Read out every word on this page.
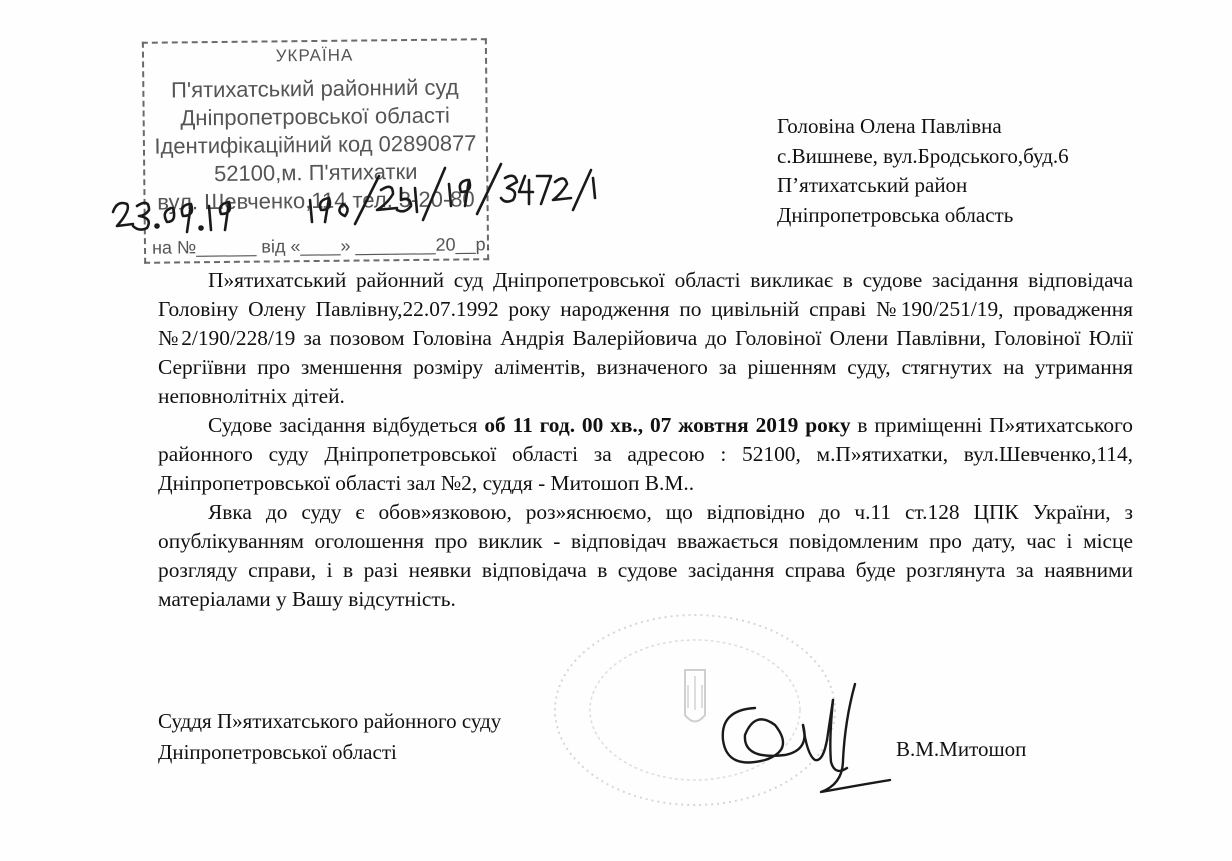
УКРАЇНА
П'ятихатський районний суд
Дніпропетровської області
Ідентифікаційний код 02890877
52100,м. П'ятихатки
вул. Шевченко,114 тел. 3-20-80
на №______ від «____» ________20__р.
Головіна Олена Павлівна
с.Вишневе, вул.Бродського,буд.6
П’ятихатський район
Дніпропетровська область

П»ятихатський районний суд Дніпропетровської області викликає в судове засідання відповідача Головіну Олену Павлівну,22.07.1992 року народження по цивільній справі №190/251/19, провадження №2/190/228/19 за позовом Головіна Андрія Валерійовича до Головіної Олени Павлівни, Головіної Юлії Сергіївни про зменшення розміру аліментів, визначеного за рішенням суду, стягнутих на утримання неповнолітніх дітей.

Судове засідання відбудеться об 11 год. 00 хв., 07 жовтня 2019 року в приміщенні П»ятихатського районного суду Дніпропетровської області за адресою : 52100, м.П»ятихатки, вул.Шевченко,114, Дніпропетровської області зал №2, суддя - Митошоп В.М..

Явка до суду є обов»язковою, роз»яснюємо, що відповідно до ч.11 ст.128 ЦПК України, з опублікуванням оголошення про виклик - відповідач вважається повідомленим про дату, час і місце розгляду справи, і в разі неявки відповідача в судове засідання справа буде розглянута за наявними матеріалами у Вашу відсутність.

Суддя П»ятихатського районного суду
Дніпропетровської області	В.М.Митошоп
